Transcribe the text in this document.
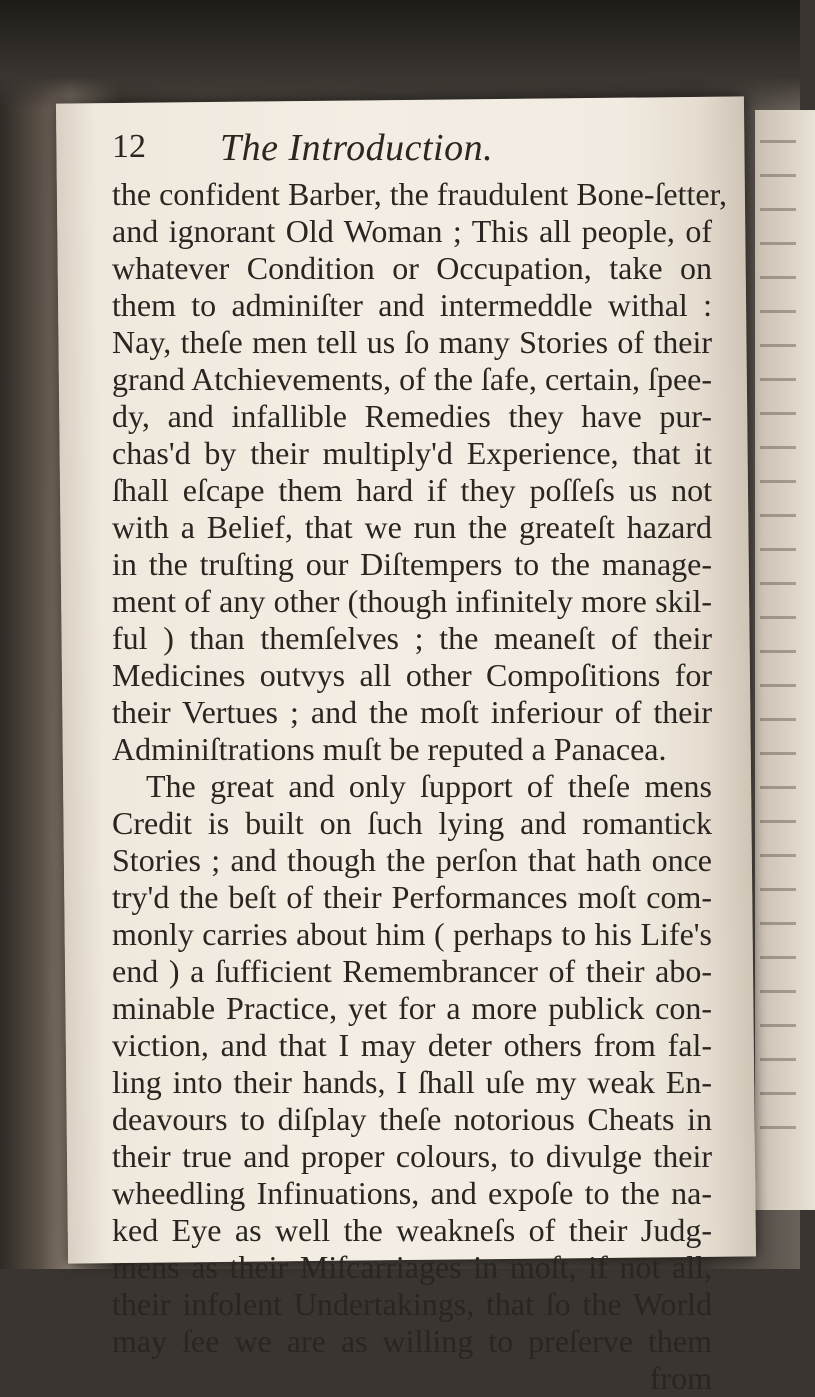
12 The Introduction.
the confident Barber, the fraudulent Bone-ſetter,
and ignorant Old Woman ; This all people, of
whatever Condition or Occupation, take on
them to adminiſter and intermeddle withal :
Nay, theſe men tell us ſo many Stories of their
grand Atchievements, of the ſafe, certain, ſpee-
dy, and infallible Remedies they have pur-
chas'd by their multiply'd Experience, that it
ſhall eſcape them hard if they poſſeſs us not
with a Belief, that we run the greateſt hazard
in the truſting our Diſtempers to the manage-
ment of any other (though infinitely more skil-
ful ) than themſelves ; the meaneſt of their
Medicines outvys all other Compoſitions for
their Vertues ; and the moſt inferiour of their
Adminiſtrations muſt be reputed a Panacea.
The great and only ſupport of theſe mens
Credit is built on ſuch lying and romantick
Stories ; and though the perſon that hath once
try'd the beſt of their Performances moſt com-
monly carries about him ( perhaps to his Life's
end ) a ſufficient Remembrancer of their abo-
minable Practice, yet for a more publick con-
viction, and that I may deter others from fal-
ling into their hands, I ſhall uſe my weak En-
deavours to diſplay theſe notorious Cheats in
their true and proper colours, to divulge their
wheedling Infinuations, and expoſe to the na-
ked Eye as well the weakneſs of their Judg-
mens as their Miſcarriages in moſt, if not all,
their infolent Undertakings, that ſo the World
may ſee we are as willing to preſerve them
from
